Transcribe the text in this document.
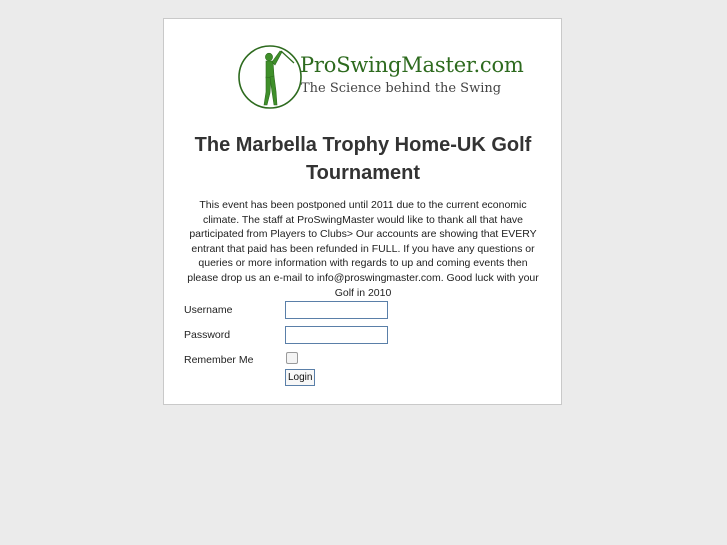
ProSwingMaster.com
The Science behind the Swing
The Marbella Trophy Home-UK Golf Tournament
This event has been postponed until 2011 due to the current economic climate. The staff at ProSwingMaster would like to thank all that have participated from Players to Clubs> Our accounts are showing that EVERY entrant that paid has been refunded in FULL. If you have any questions or queries or more information with regards to up and coming events then please drop us an e-mail to info@proswingmaster.com. Good luck with your Golf in 2010
Username
Password
Remember Me
Login
